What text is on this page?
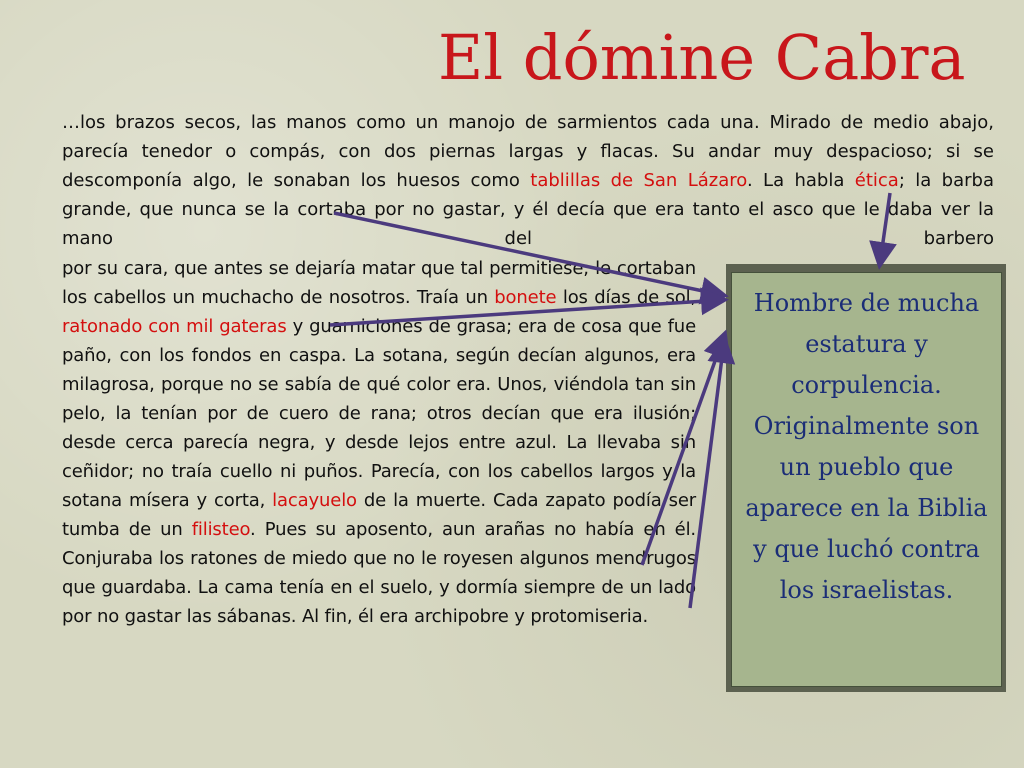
El dómine Cabra

…los brazos secos, las manos como un manojo de sarmientos cada una. Mirado de medio abajo, parecía tenedor o compás, con dos piernas largas y flacas. Su andar muy despacioso; si se descomponía algo, le sonaban los huesos como tablillas de San Lázaro. La habla ética; la barba grande, que nunca se la cortaba por no gastar, y él decía que era tanto el asco que le daba ver la mano del barbero

por su cara, que antes se dejaría matar que tal permitiese; le cortaban los cabellos un muchacho de nosotros. Traía un bonete los días de sol, ratonado con mil gateras y guarniciones de grasa; era de cosa que fue paño, con los fondos en caspa. La sotana, según decían algunos, era milagrosa, porque no se sabía de qué color era. Unos, viéndola tan sin pelo, la tenían por de cuero de rana; otros decían que era ilusión; desde cerca parecía negra, y desde lejos entre azul. La llevaba sin ceñidor; no traía cuello ni puños. Parecía, con los cabellos largos y la sotana mísera y corta, lacayuelo de la muerte. Cada zapato podía ser tumba de un filisteo. Pues su aposento, aun arañas no había en él. Conjuraba los ratones de miedo que no le royesen algunos mendrugos que guardaba. La cama tenía en el suelo, y dormía siempre de un lado por no gastar las sábanas. Al fin, él era archipobre y protomiseria.

Hombre de mucha estatura y corpulencia. Originalmente son un pueblo que aparece en la Biblia y que luchó contra los israelistas.
